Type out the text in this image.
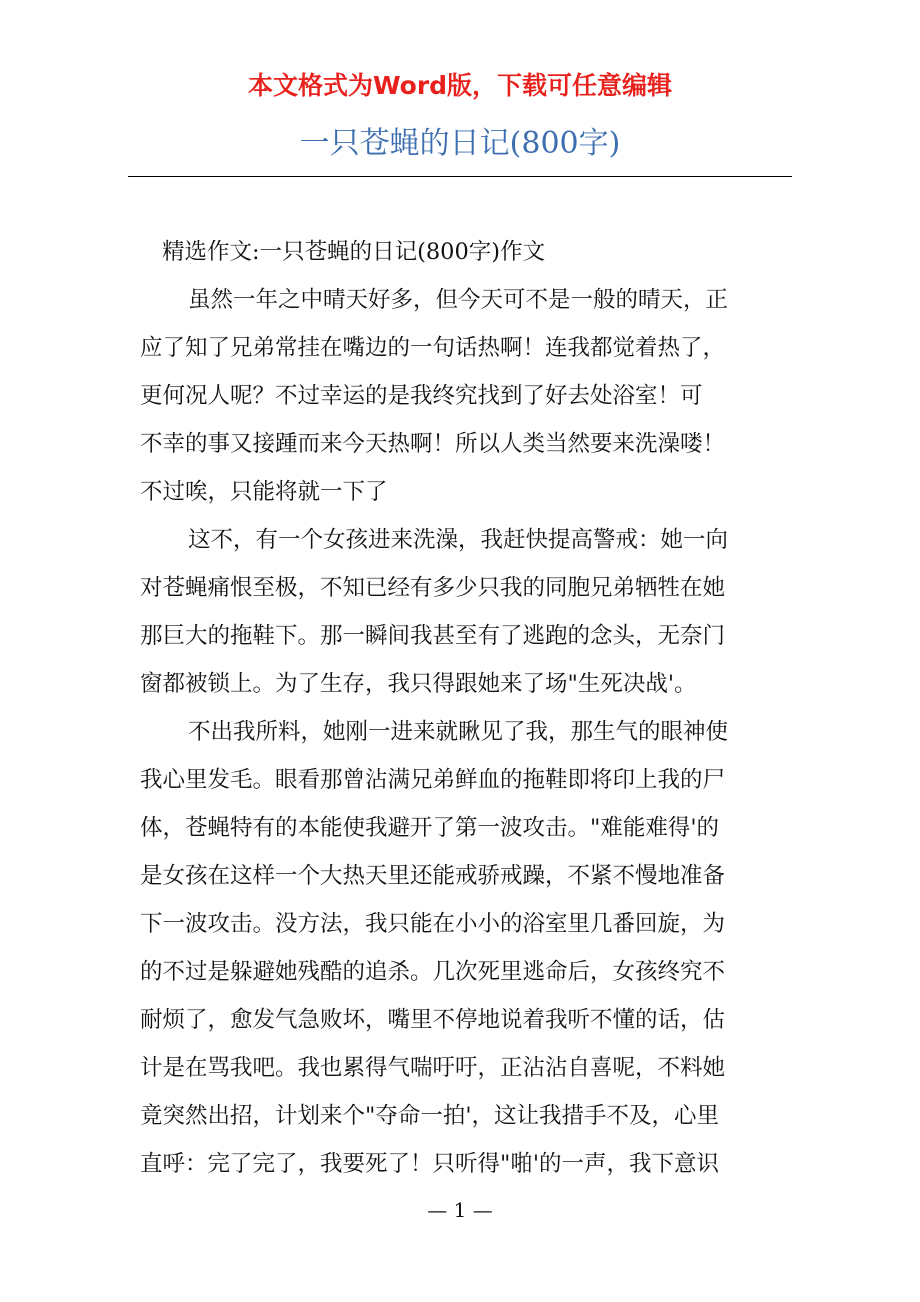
本文格式为Word版，下载可任意编辑
一只苍蝇的日记(800字)
精选作文:一只苍蝇的日记(800字)作文
虽然一年之中晴天好多，但今天可不是一般的晴天，正
应了知了兄弟常挂在嘴边的一句话热啊！连我都觉着热了，
更何况人呢？不过幸运的是我终究找到了好去处浴室！可
不幸的事又接踵而来今天热啊！所以人类当然要来洗澡喽！
不过唉，只能将就一下了
这不，有一个女孩进来洗澡，我赶快提高警戒：她一向
对苍蝇痛恨至极，不知已经有多少只我的同胞兄弟牺牲在她
那巨大的拖鞋下。那一瞬间我甚至有了逃跑的念头，无奈门
窗都被锁上。为了生存，我只得跟她来了场"生死决战'。
不出我所料，她刚一进来就瞅见了我，那生气的眼神使
我心里发毛。眼看那曾沾满兄弟鲜血的拖鞋即将印上我的尸
体，苍蝇特有的本能使我避开了第一波攻击。"难能难得'的
是女孩在这样一个大热天里还能戒骄戒躁，不紧不慢地准备
下一波攻击。没方法，我只能在小小的浴室里几番回旋，为
的不过是躲避她残酷的追杀。几次死里逃命后，女孩终究不
耐烦了，愈发气急败坏，嘴里不停地说着我听不懂的话，估
计是在骂我吧。我也累得气喘吁吁，正沾沾自喜呢，不料她
竟突然出招，计划来个"夺命一拍'，这让我措手不及，心里
直呼：完了完了，我要死了！只听得"啪'的一声，我下意识
— 1 —
